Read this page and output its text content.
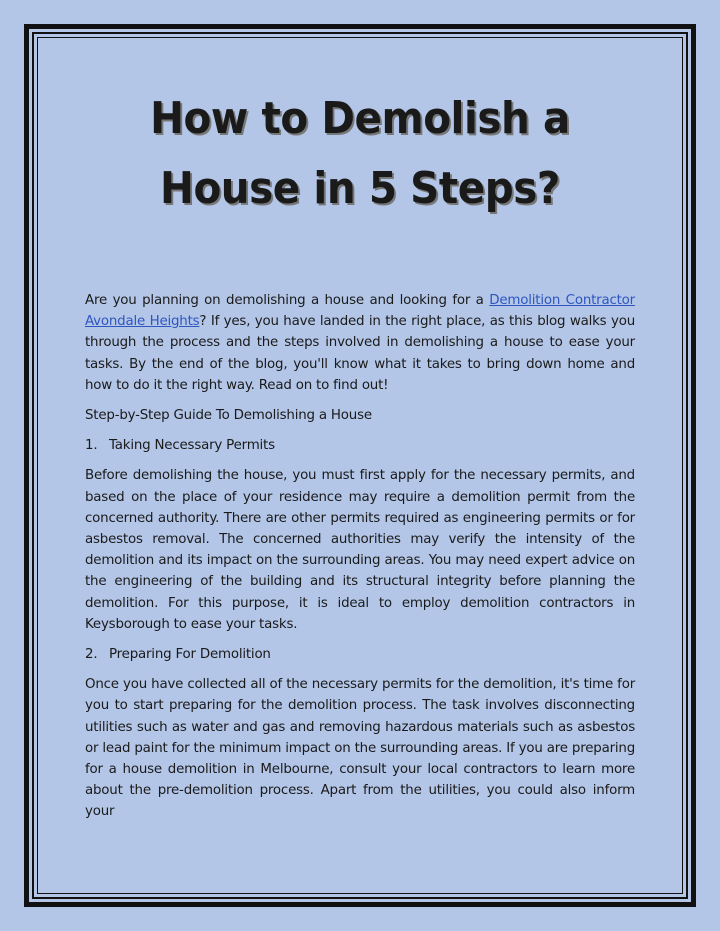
How to Demolish a
House in 5 Steps?

Are you planning on demolishing a house and looking for a Demolition Contractor Avondale Heights? If yes, you have landed in the right place, as this blog walks you through the process and the steps involved in demolishing a house to ease your tasks. By the end of the blog, you'll know what it takes to bring down home and how to do it the right way. Read on to find out!

Step-by-Step Guide To Demolishing a House

1. Taking Necessary Permits

Before demolishing the house, you must first apply for the necessary permits, and based on the place of your residence may require a demolition permit from the concerned authority. There are other permits required as engineering permits or for asbestos removal. The concerned authorities may verify the intensity of the demolition and its impact on the surrounding areas. You may need expert advice on the engineering of the building and its structural integrity before planning the demolition. For this purpose, it is ideal to employ demolition contractors in Keysborough to ease your tasks.

2. Preparing For Demolition

Once you have collected all of the necessary permits for the demolition, it's time for you to start preparing for the demolition process. The task involves disconnecting utilities such as water and gas and removing hazardous materials such as asbestos or lead paint for the minimum impact on the surrounding areas. If you are preparing for a house demolition in Melbourne, consult your local contractors to learn more about the pre-demolition process. Apart from the utilities, you could also inform your
